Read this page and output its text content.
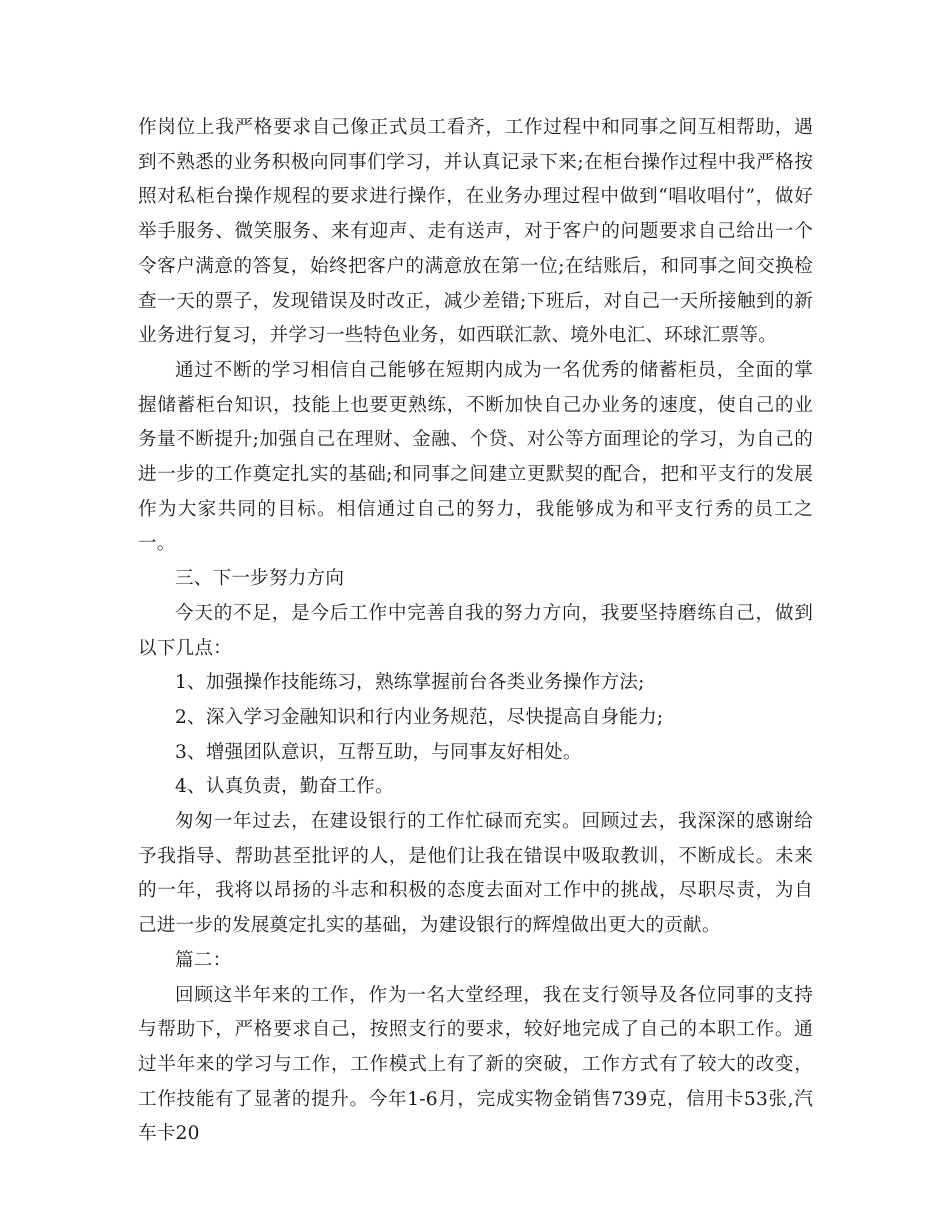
作岗位上我严格要求自己像正式员工看齐，工作过程中和同事之间互相帮助，遇到不熟悉的业务积极向同事们学习，并认真记录下来;在柜台操作过程中我严格按照对私柜台操作规程的要求进行操作，在业务办理过程中做到“唱收唱付”，做好举手服务、微笑服务、来有迎声、走有送声，对于客户的问题要求自己给出一个令客户满意的答复，始终把客户的满意放在第一位;在结账后，和同事之间交换检查一天的票子，发现错误及时改正，减少差错;下班后，对自己一天所接触到的新业务进行复习，并学习一些特色业务，如西联汇款、境外电汇、环球汇票等。

通过不断的学习相信自己能够在短期内成为一名优秀的储蓄柜员，全面的掌握储蓄柜台知识，技能上也要更熟练，不断加快自己办业务的速度，使自己的业务量不断提升;加强自己在理财、金融、个贷、对公等方面理论的学习，为自己的进一步的工作奠定扎实的基础;和同事之间建立更默契的配合，把和平支行的发展作为大家共同的目标。相信通过自己的努力，我能够成为和平支行秀的员工之一。

三、下一步努力方向

今天的不足，是今后工作中完善自我的努力方向，我要坚持磨练自己，做到以下几点：

1、加强操作技能练习，熟练掌握前台各类业务操作方法;

2、深入学习金融知识和行内业务规范，尽快提高自身能力;

3、增强团队意识，互帮互助，与同事友好相处。

4、认真负责，勤奋工作。

匆匆一年过去，在建设银行的工作忙碌而充实。回顾过去，我深深的感谢给予我指导、帮助甚至批评的人，是他们让我在错误中吸取教训，不断成长。未来的一年，我将以昂扬的斗志和积极的态度去面对工作中的挑战，尽职尽责，为自己进一步的发展奠定扎实的基础，为建设银行的辉煌做出更大的贡献。

篇二：

回顾这半年来的工作，作为一名大堂经理，我在支行领导及各位同事的支持与帮助下，严格要求自己，按照支行的要求，较好地完成了自己的本职工作。通过半年来的学习与工作，工作模式上有了新的突破，工作方式有了较大的改变，工作技能有了显著的提升。今年1-6月，完成实物金销售739克，信用卡53张,汽车卡20
